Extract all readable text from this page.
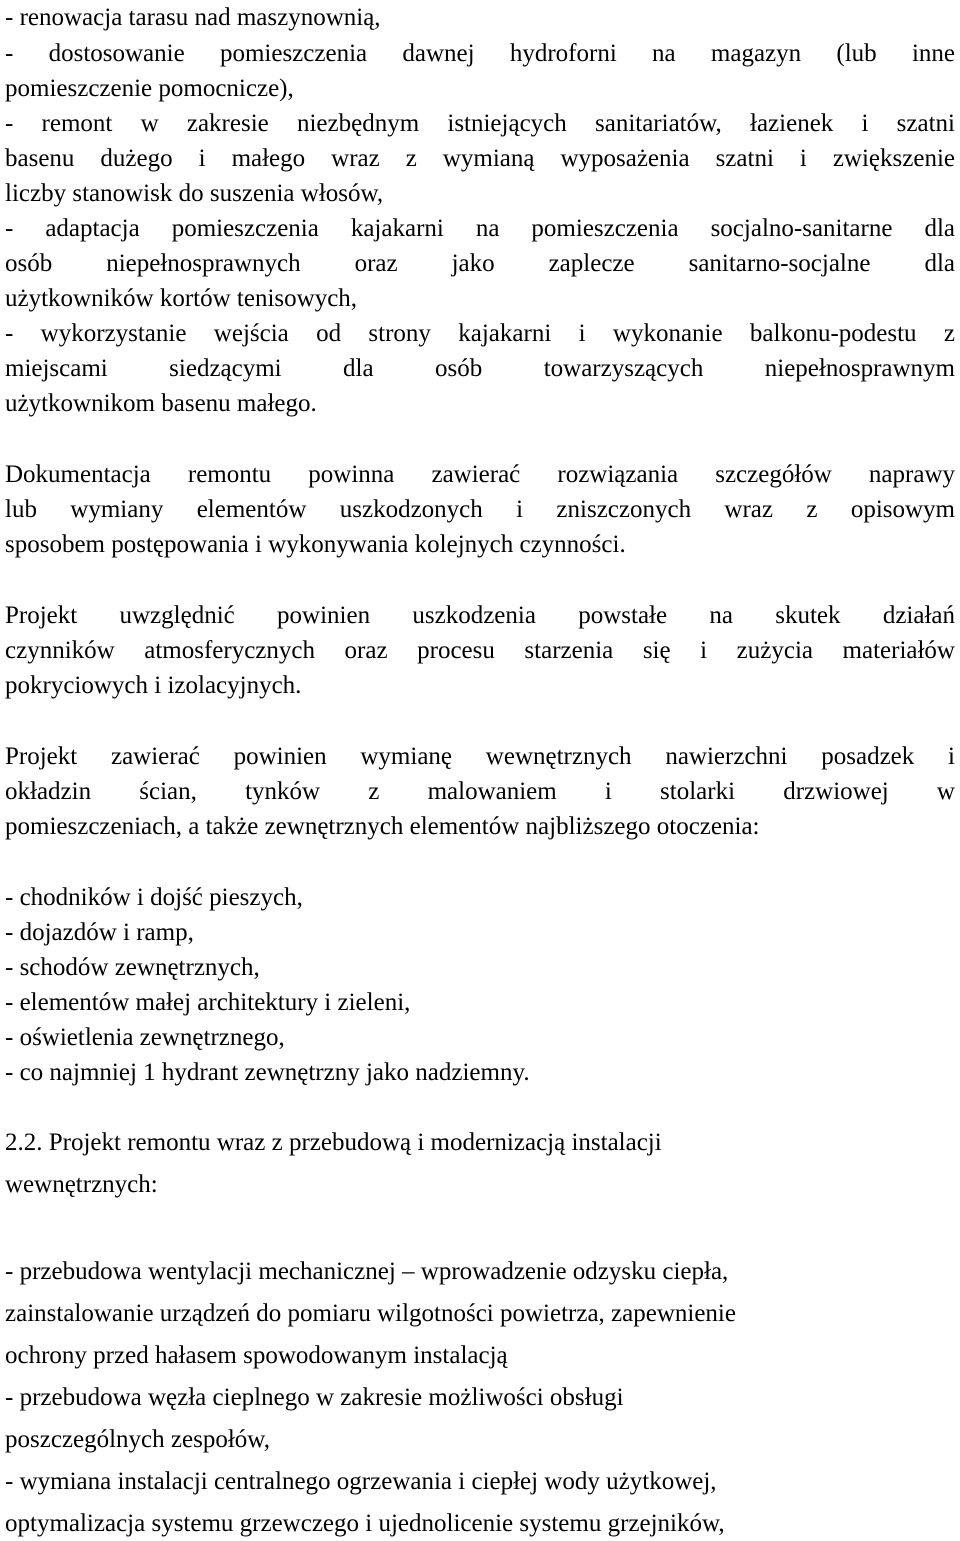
- renowacja tarasu nad maszynownią,
- dostosowanie pomieszczenia dawnej hydroforni na magazyn (lub inne
pomieszczenie pomocnicze),
- remont w zakresie niezbędnym istniejących sanitariatów, łazienek i szatni
basenu dużego i małego wraz z wymianą wyposażenia szatni i zwiększenie
liczby stanowisk do suszenia włosów,
- adaptacja pomieszczenia kajakarni na pomieszczenia socjalno-sanitarne dla
osób niepełnosprawnych oraz jako zaplecze sanitarno-socjalne dla
użytkowników kortów tenisowych,
- wykorzystanie wejścia od strony kajakarni i wykonanie balkonu-podestu z
miejscami siedzącymi dla osób towarzyszących niepełnosprawnym
użytkownikom basenu małego.
Dokumentacja remontu powinna zawierać rozwiązania szczegółów naprawy
lub wymiany elementów uszkodzonych i zniszczonych wraz z opisowym
sposobem postępowania i wykonywania kolejnych czynności.
Projekt uwzględnić powinien uszkodzenia powstałe na skutek działań
czynników atmosferycznych oraz procesu starzenia się i zużycia materiałów
pokryciowych i izolacyjnych.
Projekt zawierać powinien wymianę wewnętrznych nawierzchni posadzek i
okładzin ścian, tynków z malowaniem i stolarki drzwiowej w
pomieszczeniach, a także zewnętrznych elementów najbliższego otoczenia:
- chodników i dojść pieszych,
- dojazdów i ramp,
- schodów zewnętrznych,
- elementów małej architektury i zieleni,
- oświetlenia zewnętrznego,
- co najmniej 1 hydrant zewnętrzny jako nadziemny.
2.2. Projekt remontu wraz z przebudową i modernizacją instalacji
wewnętrznych:
- przebudowa wentylacji mechanicznej – wprowadzenie odzysku ciepła,
zainstalowanie urządzeń do pomiaru wilgotności powietrza, zapewnienie
ochrony przed hałasem spowodowanym instalacją
- przebudowa węzła cieplnego w zakresie możliwości obsługi
poszczególnych zespołów,
- wymiana instalacji centralnego ogrzewania i ciepłej wody użytkowej,
optymalizacja systemu grzewczego i ujednolicenie systemu grzejników,
